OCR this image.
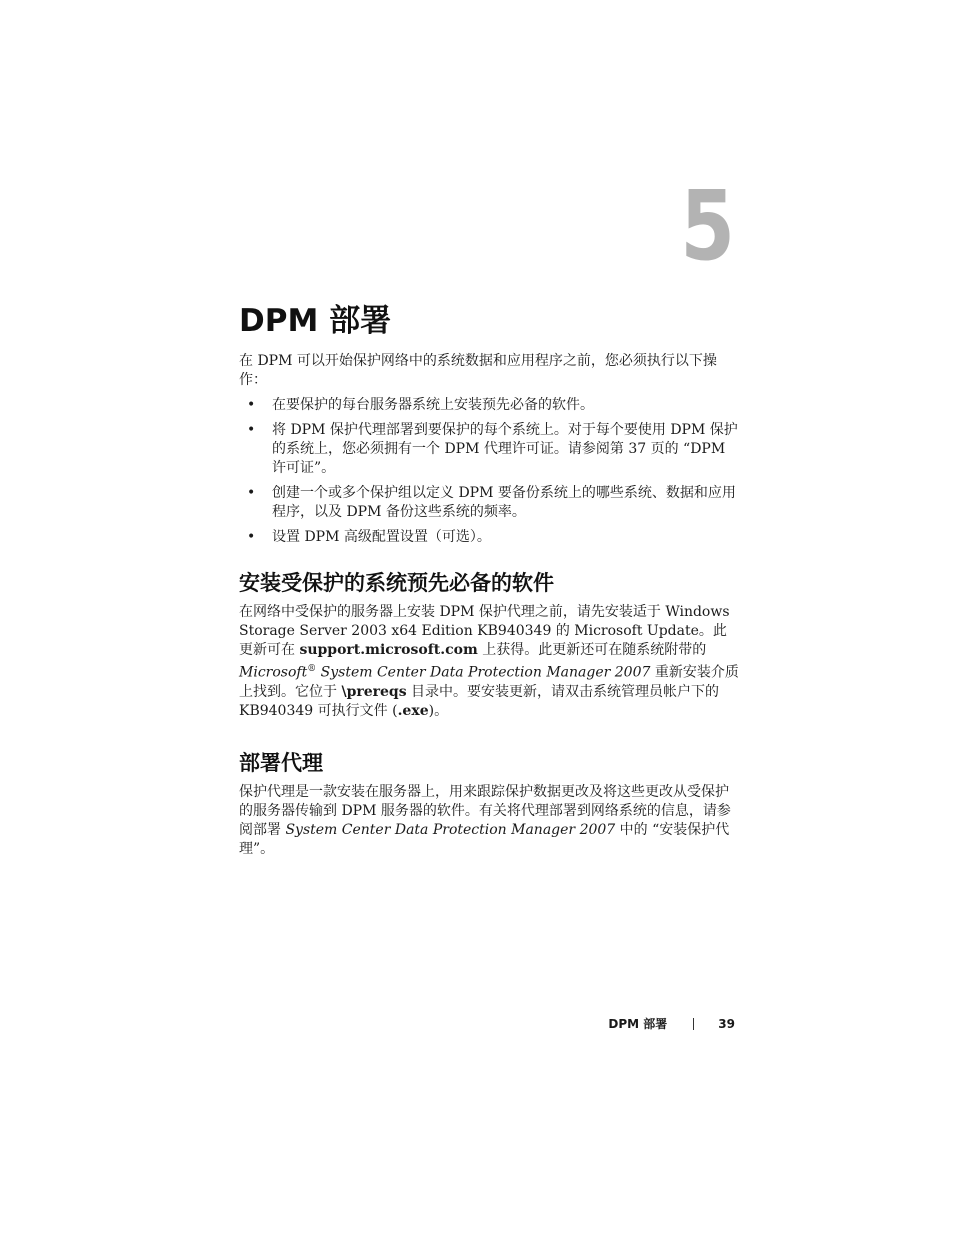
5
DPM 部署

在 DPM 可以开始保护网络中的系统数据和应用程序之前，您必须执行以下操作：

• 在要保护的每台服务器系统上安装预先必备的软件。
• 将 DPM 保护代理部署到要保护的每个系统上。对于每个要使用 DPM 保护的系统上，您必须拥有一个 DPM 代理许可证。请参阅第 37 页的 “DPM 许可证”。
• 创建一个或多个保护组以定义 DPM 要备份系统上的哪些系统、数据和应用程序，以及 DPM 备份这些系统的频率。
• 设置 DPM 高级配置设置（可选）。
安装受保护的系统预先必备的软件

在网络中受保护的服务器上安装 DPM 保护代理之前，请先安装适于 Windows Storage Server 2003 x64 Edition KB940349 的 Microsoft Update。此更新可在 support.microsoft.com 上获得。此更新还可在随系统附带的 Microsoft® System Center Data Protection Manager 2007 重新安装介质上找到。它位于 \prereqs 目录中。要安装更新，请双击系统管理员帐户下的 KB940349 可执行文件 (.exe)。

部署代理

保护代理是一款安装在服务器上，用来跟踪保护数据更改及将这些更改从受保护的服务器传输到 DPM 服务器的软件。有关将代理部署到网络系统的信息，请参阅部署 System Center Data Protection Manager 2007 中的 “安装保护代理”。

DPM 部署	39
